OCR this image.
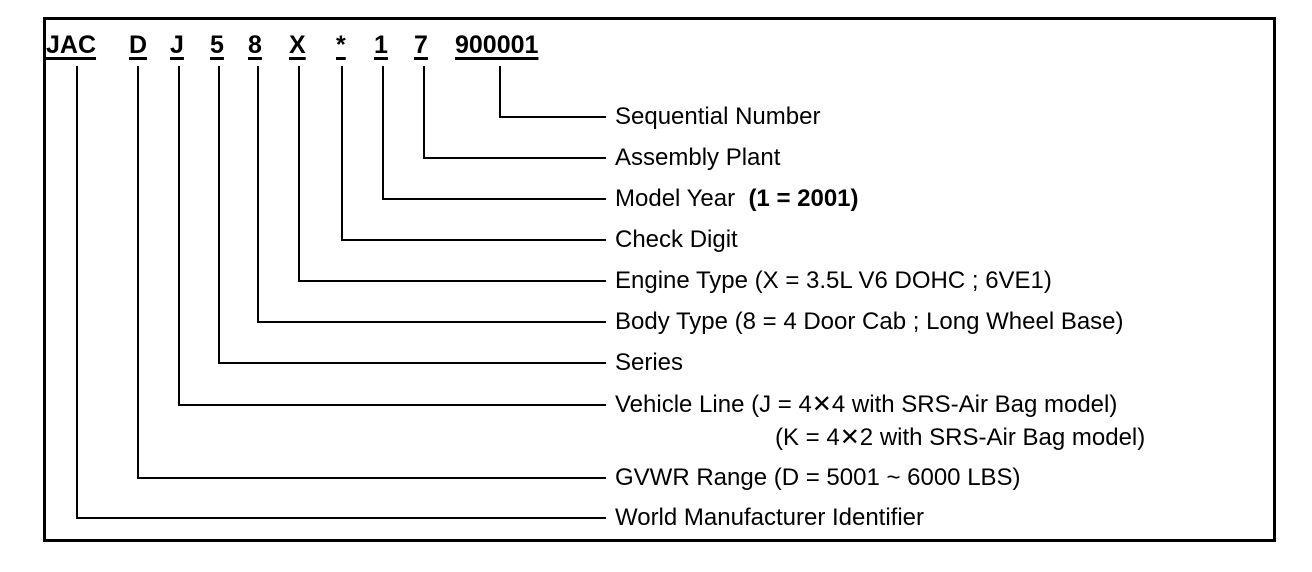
JAC D J 5 8 X * 1 7 900001
Sequential Number
Assembly Plant
Model Year (1 = 2001)
Check Digit
Engine Type (X = 3.5L V6 DOHC ; 6VE1)
Body Type (8 = 4 Door Cab ; Long Wheel Base)
Series
Vehicle Line (J = 4✕4 with SRS-Air Bag model)
(K = 4✕2 with SRS-Air Bag model)
GVWR Range (D = 5001 ~ 6000 LBS)
World Manufacturer Identifier
